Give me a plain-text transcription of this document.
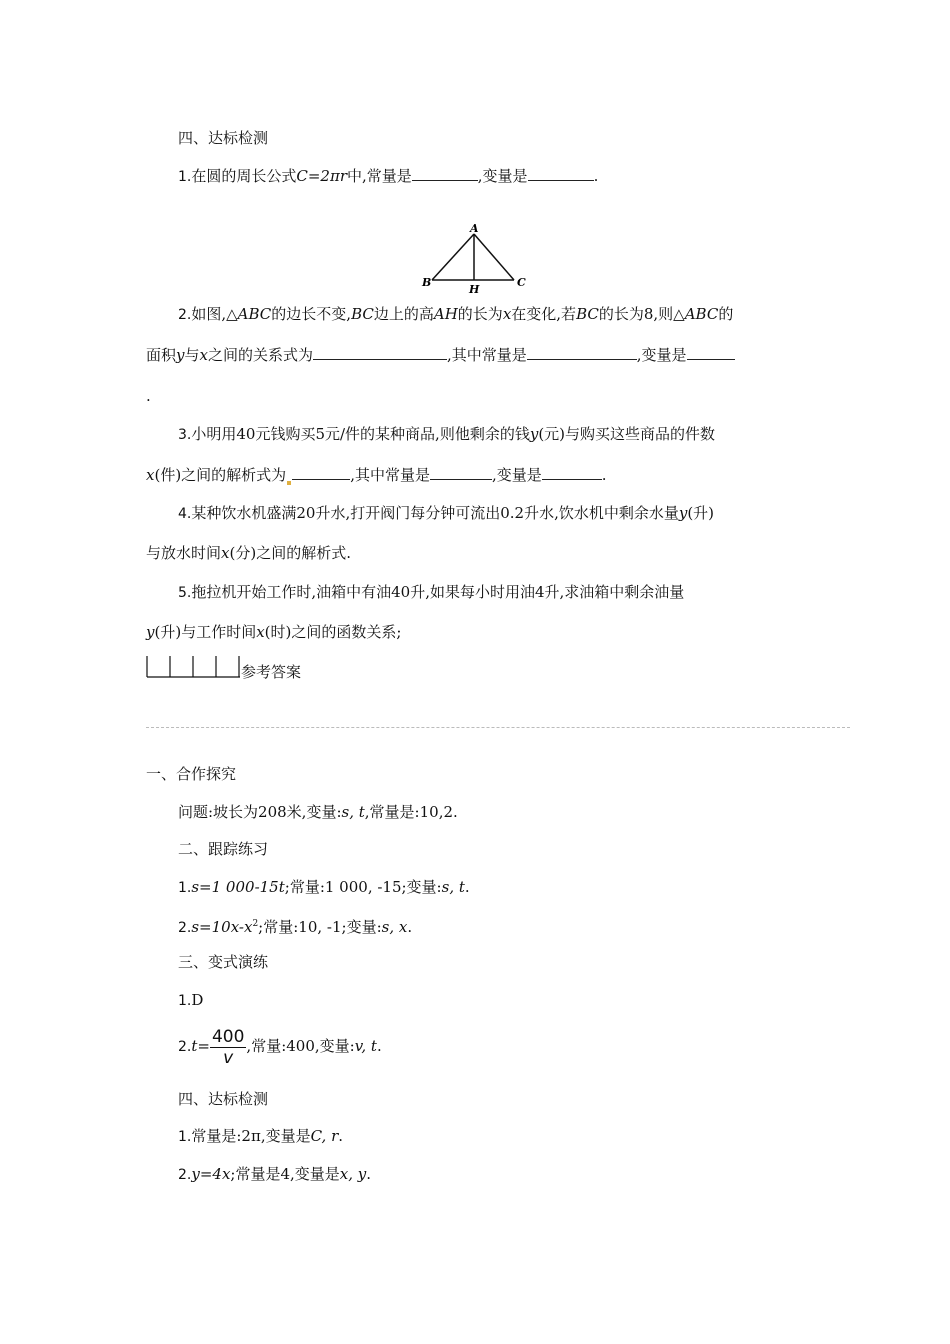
四、达标检测
1.在圆的周长公式C=2πr中,常量是	,变量是	.
A
B	C
H
2.如图,△ABC的边长不变,BC边上的高AH的长为x在变化,若BC的长为8,则△ABC的
面积y与x之间的关系式为	,其中常量是	,变量是
.
3.小明用40元钱购买5元∕件的某种商品,则他剩余的钱y(元)与购买这些商品的件数
x(件)之间的解析式为	,其中常量是	,变量是	.
4.某种饮水机盛满20升水,打开阀门每分钟可流出0.2升水,饮水机中剩余水量y(升)
与放水时间x(分)之间的解析式.
5.拖拉机开始工作时,油箱中有油40升,如果每小时用油4升,求油箱中剩余油量
y(升)与工作时间x(时)之间的函数关系;
参考答案
一、合作探究
问题:坡长为208米,变量:s, t,常量是:10,2.
二、跟踪练习
1.s=1 000-15t;常量:1 000, -15;变量:s, t.
$2.s=10x-x^2$;常量:10, -1;变量:s, x.
三、变式演练
1.D
$2.t= \frac{400}{v}$ ,常量:400,变量:v, t.
四、达标检测
1.常量是:2π,变量是C, r.
2.y=4x;常量是4,变量是x, y.
